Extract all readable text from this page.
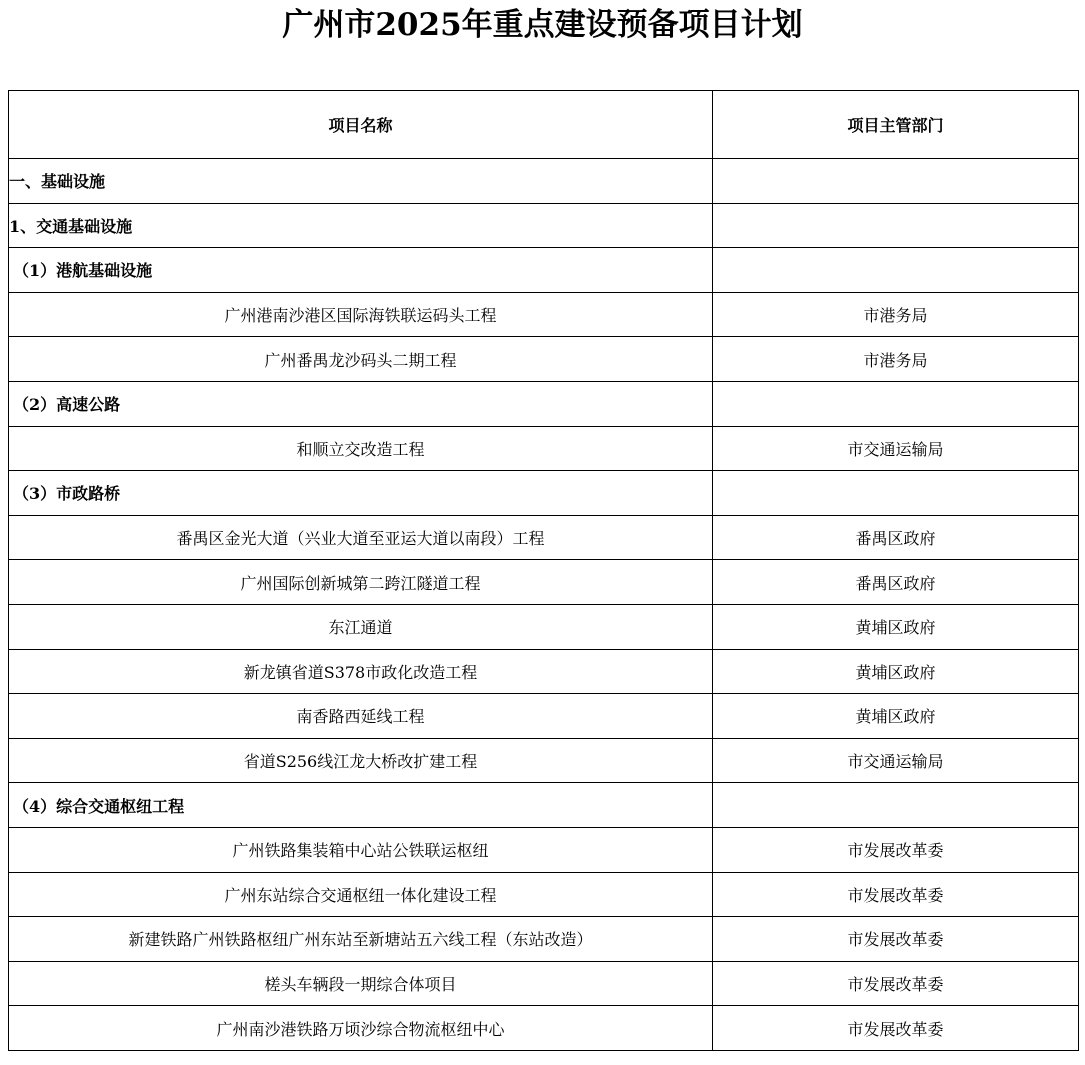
广州市2025年重点建设预备项目计划
项目名称	项目主管部门
一、基础设施	
1、交通基础设施	
（1）港航基础设施	
广州港南沙港区国际海铁联运码头工程	市港务局
广州番禺龙沙码头二期工程	市港务局
（2）高速公路	
和顺立交改造工程	市交通运输局
（3）市政路桥	
番禺区金光大道（兴业大道至亚运大道以南段）工程	番禺区政府
广州国际创新城第二跨江隧道工程	番禺区政府
东江通道	黄埔区政府
新龙镇省道S378市政化改造工程	黄埔区政府
南香路西延线工程	黄埔区政府
省道S256线江龙大桥改扩建工程	市交通运输局
（4）综合交通枢纽工程	
广州铁路集装箱中心站公铁联运枢纽	市发展改革委
广州东站综合交通枢纽一体化建设工程	市发展改革委
新建铁路广州铁路枢纽广州东站至新塘站五六线工程（东站改造）	市发展改革委
槎头车辆段一期综合体项目	市发展改革委
广州南沙港铁路万顷沙综合物流枢纽中心	市发展改革委
